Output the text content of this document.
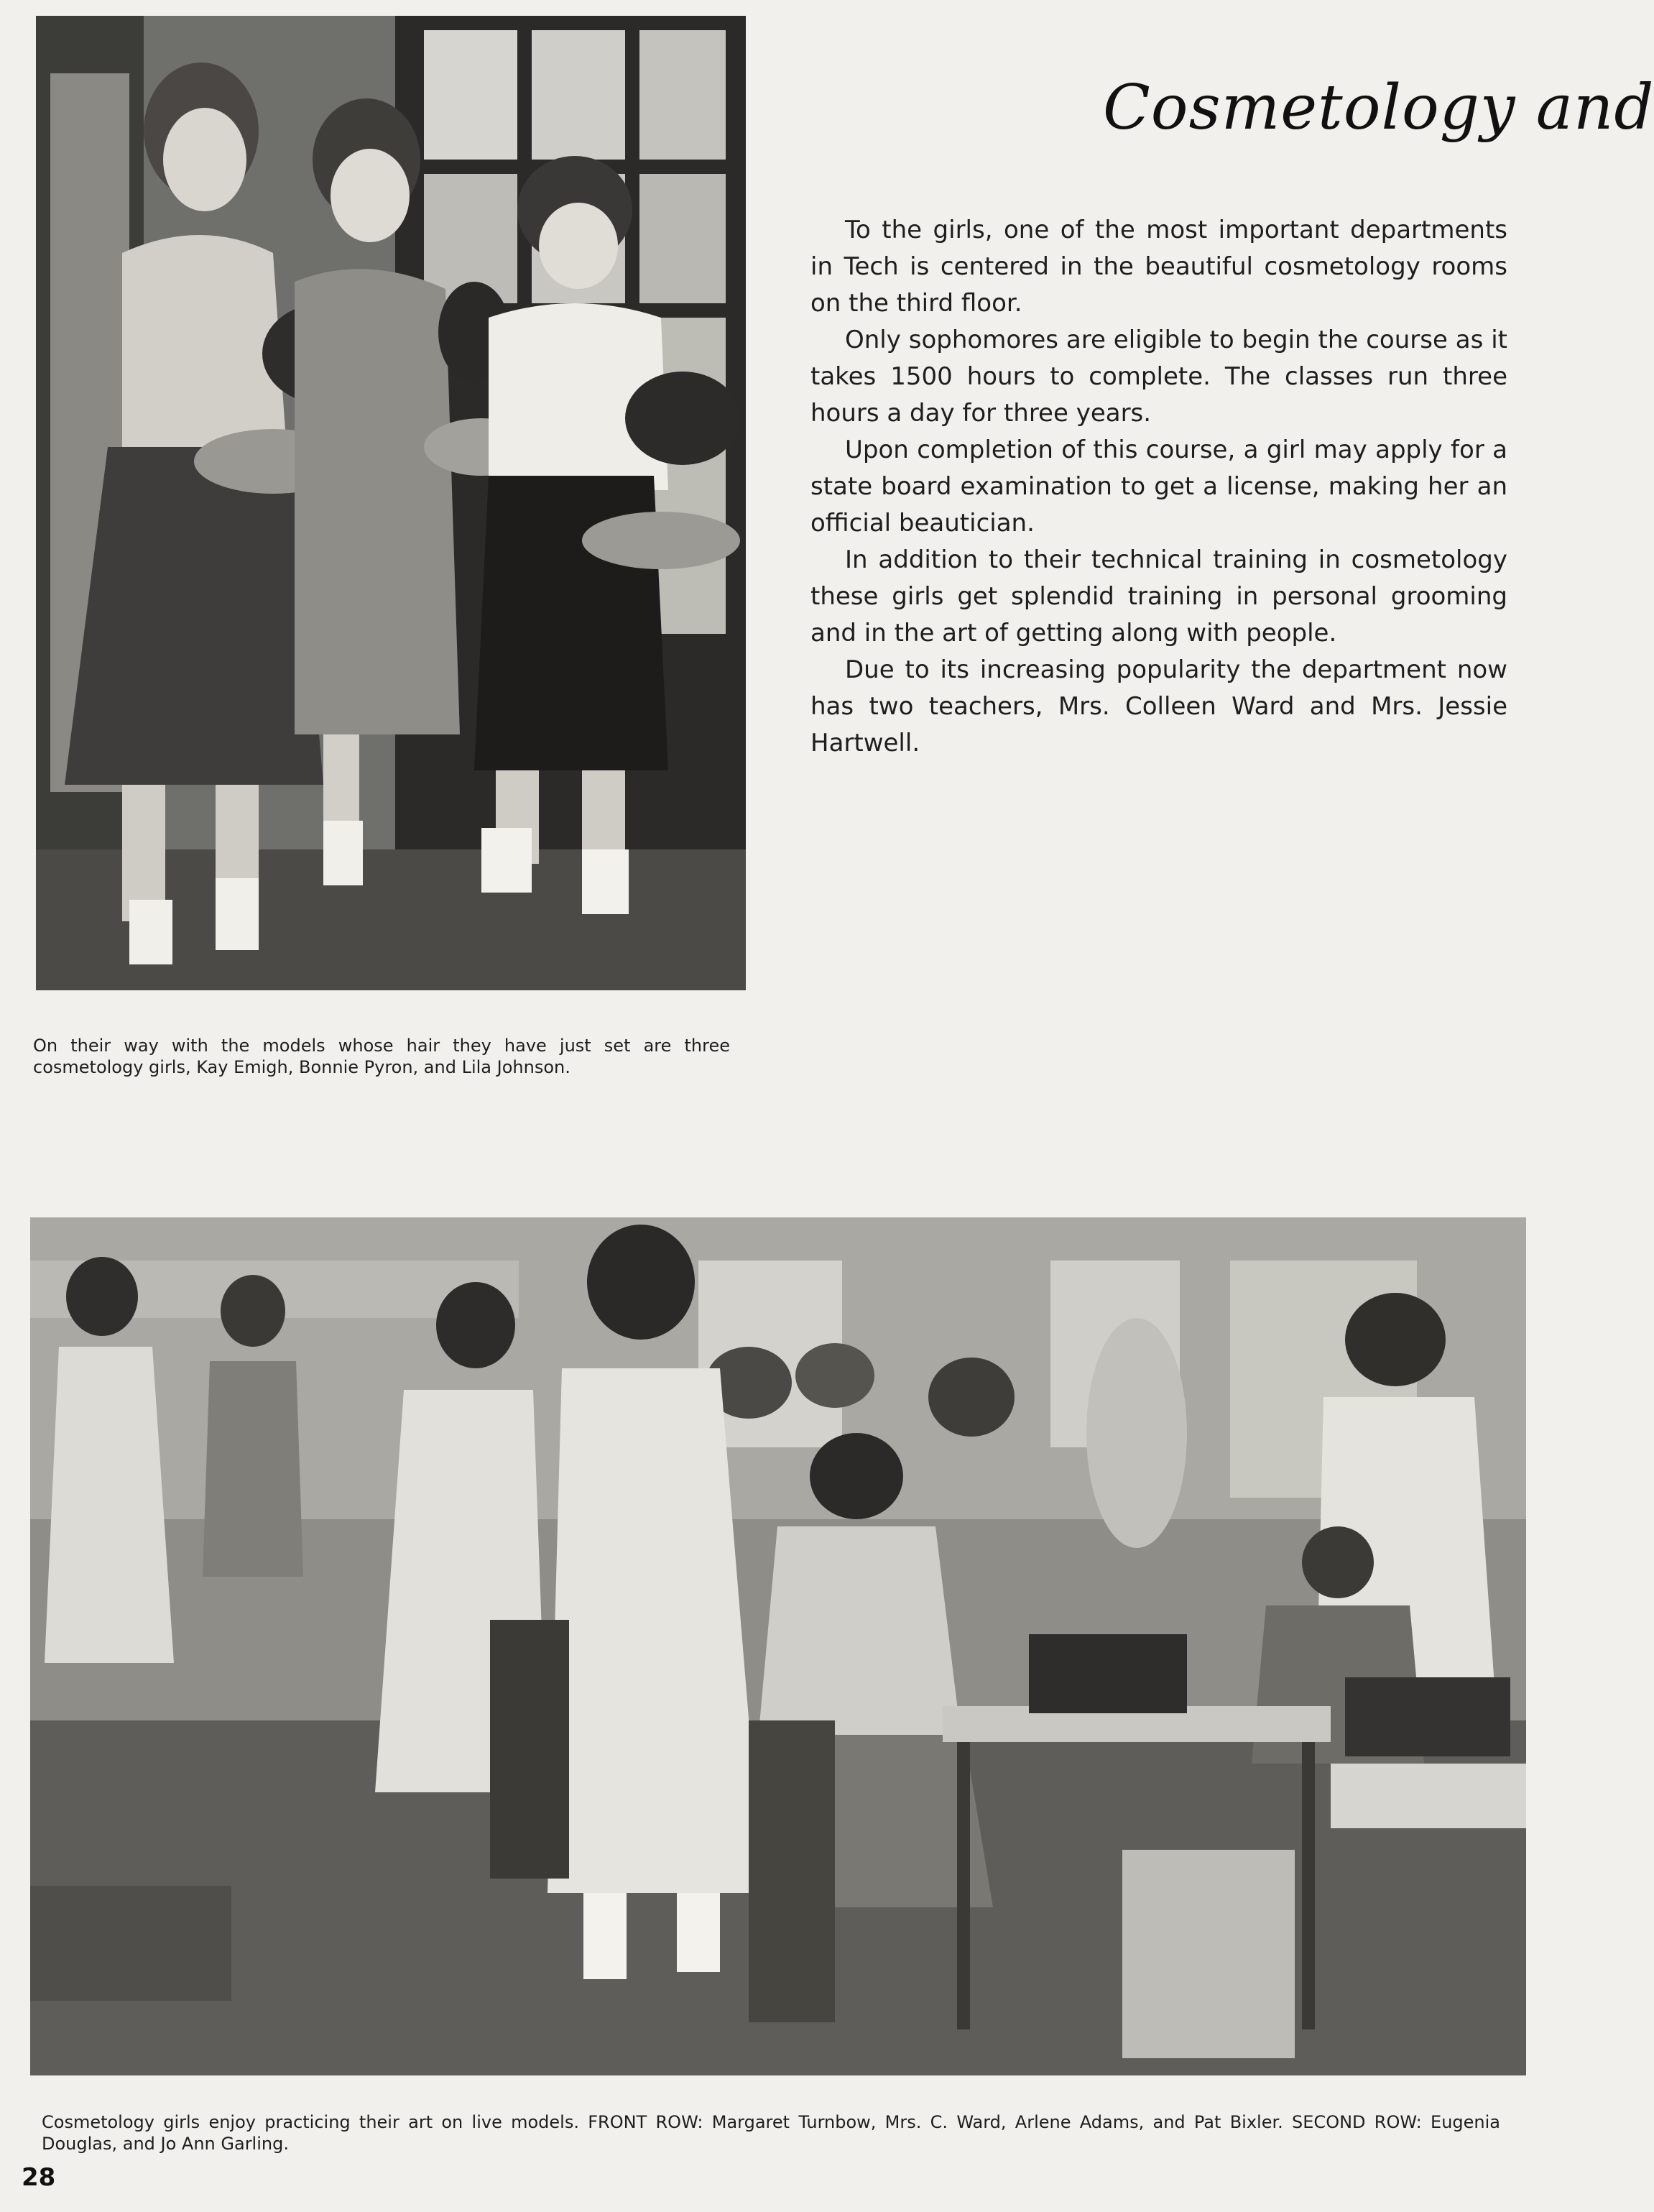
Cosmetology and

To the girls, one of the most important departments in Tech is centered in the beautiful cosmetology rooms on the third floor.

Only sophomores are eligible to begin the course as it takes 1500 hours to complete. The classes run three hours a day for three years.

Upon completion of this course, a girl may apply for a state board examination to get a license, making her an official beautician.

In addition to their technical training in cosmetology these girls get splendid training in personal grooming and in the art of getting along with people.

Due to its increasing popularity the department now has two teachers, Mrs. Colleen Ward and Mrs. Jessie Hartwell.

On their way with the models whose hair they have just set are three cosmetology girls, Kay Emigh, Bonnie Pyron, and Lila Johnson.
Cosmetology girls enjoy practicing their art on live models. FRONT ROW: Margaret Turnbow, Mrs. C. Ward, Arlene Adams, and Pat Bixler. SECOND ROW: Eugenia Douglas, and Jo Ann Garling.
28
